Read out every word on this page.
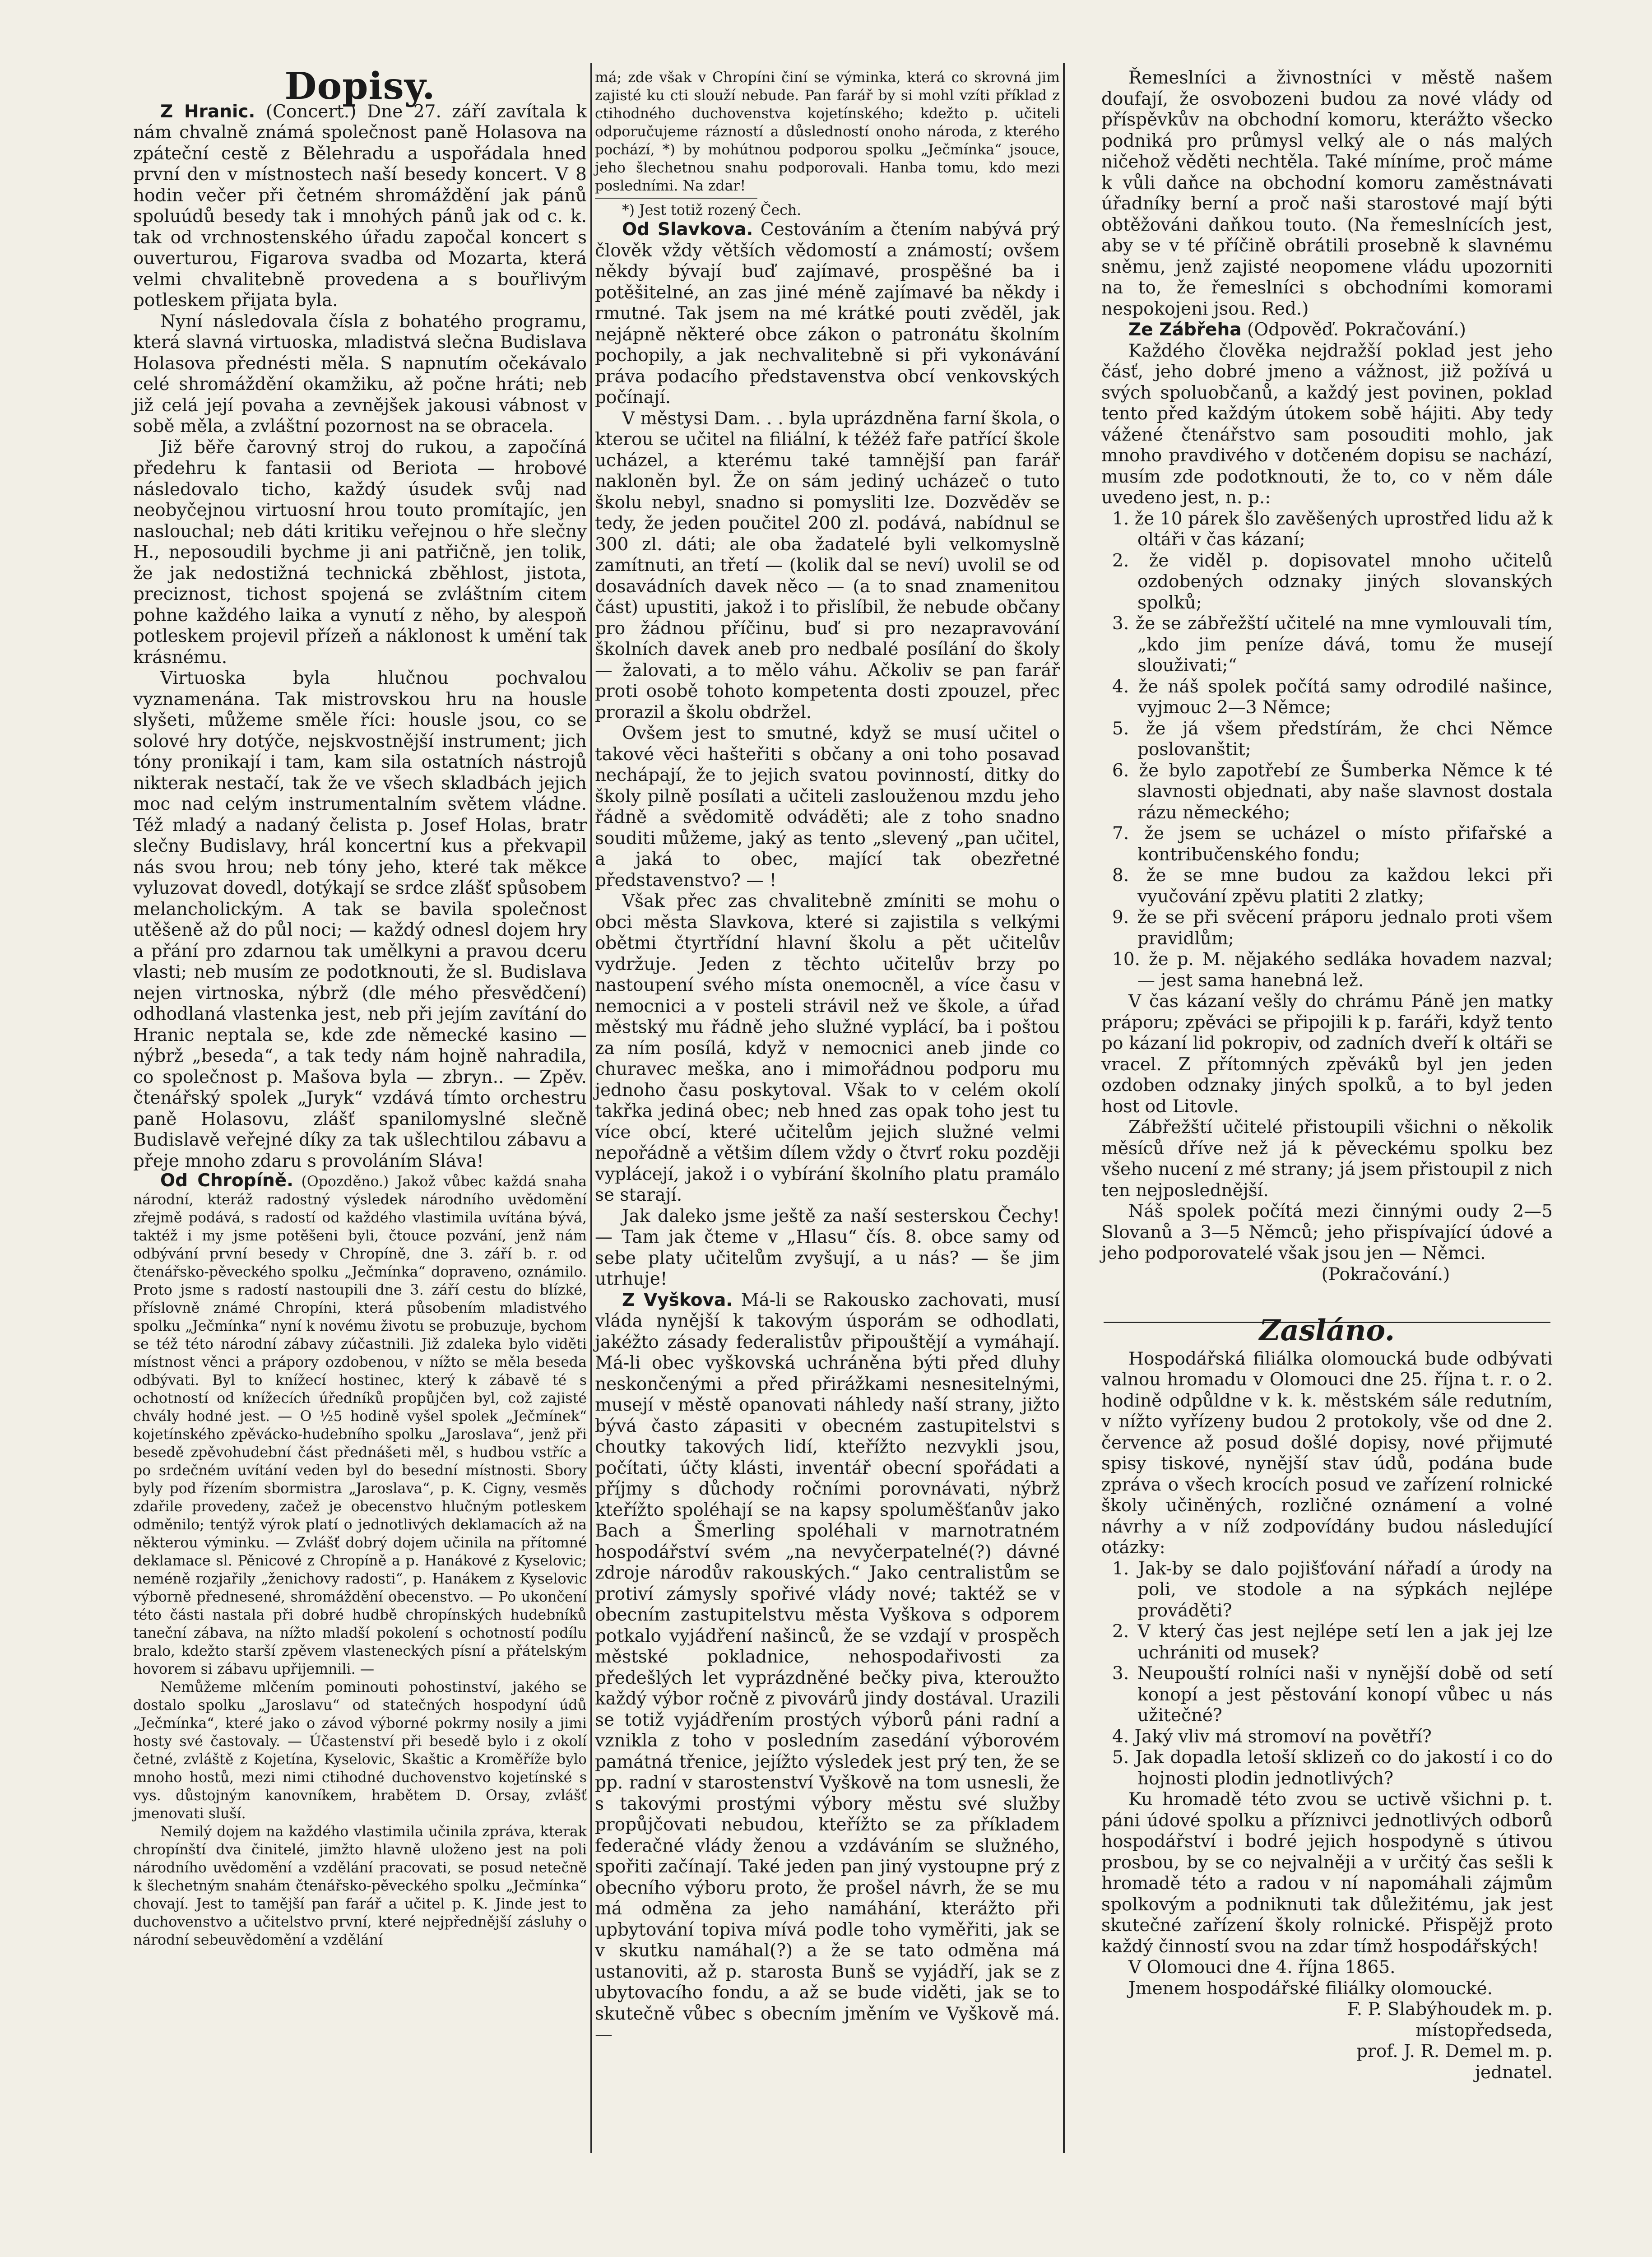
Dopisy.

Z Hranic. (Concert.) Dne 27. září zavítala k nám chvalně známá společnost paně Holasova na zpáteční cestě z Bělehradu a uspořádala hned první den v místnostech naší besedy koncert. V 8 hodin večer při četném shromáždění jak pánů spoluúdů besedy tak i mnohých pánů jak od c. k. tak od vrchnostenského úřadu započal koncert s ouverturou, Figarova svadba od Mozarta, která velmi chvalitebně provedena a s bouřlivým potleskem přijata byla.

Nyní následovala čísla z bohatého programu, která slavná virtuoska, mladistvá slečna Budislava Holasova přednésti měla. S napnutím očekávalo celé shromáždění okamžiku, až počne hráti; neb již celá její povaha a zevnějšek jakousi vábnost v sobě měla, a zvláštní pozornost na se obracela.

Již běře čarovný stroj do rukou, a započíná předehru k fantasii od Beriota — hrobové následovalo ticho, každý úsudek svůj nad neobyčejnou virtuosní hrou touto promítajíc, jen naslouchal; neb dáti kritiku veřejnou o hře slečny H., neposoudili bychme ji ani patřičně, jen tolik, že jak nedostižná technická zběhlost, jistota, preciznost, tichost spojená se zvláštním citem pohne každého laika a vynutí z něho, by alespoň potleskem projevil přízeň a náklonost k umění tak krásnému.

Virtuoska byla hlučnou pochvalou vyznamenána. Tak mistrovskou hru na housle slyšeti, můžeme směle říci: housle jsou, co se solové hry dotýče, nejskvostnější instrument; jich tóny pronikají i tam, kam sila ostatních nástrojů nikterak nestačí, tak že ve všech skladbách jejich moc nad celým instrumentalním světem vládne. Též mladý a nadaný čelista p. Josef Holas, bratr slečny Budislavy, hrál koncertní kus a překvapil nás svou hrou; neb tóny jeho, které tak měkce vyluzovat dovedl, dotýkají se srdce zlášť spůsobem melancholickým. A tak se bavila společnost utěšeně až do půl noci; — každý odnesl dojem hry a přání pro zdarnou tak umělkyni a pravou dceru vlasti; neb musím ze podotknouti, že sl. Budislava nejen virtnoska, nýbrž (dle mého přesvědčení) odhodlaná vlastenka jest, neb při jejím zavítání do Hranic neptala se, kde zde německé kasino — nýbrž „beseda“, a tak tedy nám hojně nahradila, co společnost p. Mašova byla — zbryn.. — Zpěv. čtenářský spolek „Juryk“ vzdává tímto orchestru paně Holasovu, zlášť spanilomyslné slečně Budislavě veřejné díky za tak ušlechtilou zábavu a přeje mnoho zdaru s provoláním Sláva!

Od Chropíně. (Opozděno.) Jakož vůbec každá snaha národní, kteráž radostný výsledek národního uvědomění zřejmě podává, s radostí od každého vlastimila uvítána bývá, taktéž i my jsme potěšeni byli, čtouce pozvání, jenž nám odbývání první besedy v Chropíně, dne 3. září b. r. od čtenářsko-pěveckého spolku „Ječmínka“ dopraveno, oznámilo. Proto jsme s radostí nastoupili dne 3. září cestu do blízké, příslovně známé Chropíni, která působením mladistvého spolku „Ječmínka“ nyní k novému životu se probuzuje, bychom se též této národní zábavy zúčastnili. Již zdaleka bylo viděti místnost věnci a prápory ozdobenou, v nížto se měla beseda odbývati. Byl to knížecí hostinec, který k zábavě té s ochotností od knížecích úředníků propůjčen byl, což zajisté chvály hodné jest. — O ½5 hodině vyšel spolek „Ječmínek“ kojetínského zpěvácko-hudebního spolku „Jaroslava“, jenž při besedě zpěvohudební část přednášeti měl, s hudbou vstříc a po srdečném uvítání veden byl do besední místnosti. Sbory byly pod řízením sbormistra „Jaroslava“, p. K. Cigny, vesměs zdařile provedeny, začež je obecenstvo hlučným potleskem odměnilo; tentýž výrok platí o jednotlivých deklamacích až na některou výminku. — Zvlášť dobrý dojem učinila na přítomné deklamace sl. Pěnicové z Chropíně a p. Hanákové z Kyselovic; neméně rozjařily „ženichovy radosti“, p. Hanákem z Kyselovic výborně přednesené, shromáždění obecenstvo. — Po ukončení této části nastala při dobré hudbě chropínských hudebníků taneční zábava, na nížto mladší pokolení s ochotností podílu bralo, kdežto starší zpěvem vlasteneckých písní a přátelským hovorem si zábavu upřijemnili. —

Nemůžeme mlčením pominouti pohostinství, jakého se dostalo spolku „Jaroslavu“ od statečných hospodyní údů „Ječmínka“, které jako o závod výborné pokrmy nosily a jimi hosty své častovaly. — Účastenství při besedě bylo i z okolí četné, zvláště z Kojetína, Kyselovic, Skaštic a Kroměříže bylo mnoho hostů, mezi nimi ctihodné duchovenstvo kojetínské s vys. důstojným kanovníkem, hrabětem D. Orsay, zvlášť jmenovati sluší.

Nemilý dojem na každého vlastimila učinila zpráva, kterak chropínští dva činitelé, jimžto hlavně uloženo jest na poli národního uvědomění a vzdělání pracovati, se posud netečně k šlechetným snahám čtenářsko-pěveckého spolku „Ječmínka“ chovají. Jest to tamější pan farář a učitel p. K. Jinde jest to duchovenstvo a učitelstvo první, které nejpřednější zásluhy o národní sebeuvědomění a vzdělání

má; zde však v Chropíni činí se výminka, která co skrovná jim zajisté ku cti slouží nebude. Pan farář by si mohl vzíti příklad z ctihodného duchovenstva kojetínského; kdežto p. učiteli odporučujeme rázností a důsledností onoho národa, z kterého pochází, *) by mohútnou podporou spolku „Ječmínka“ jsouce, jeho šlechetnou snahu podporovali. Hanba tomu, kdo mezi posledními. Na zdar!

*) Jest totiž rozený Čech.

Od Slavkova. Cestováním a čtením nabývá prý člověk vždy větších vědomostí a známostí; ovšem někdy bývají buď zajímavé, prospěšné ba i potěšitelné, an zas jiné méně zajímavé ba někdy i rmutné. Tak jsem na mé krátké pouti zvěděl, jak nejápně některé obce zákon o patronátu školním pochopily, a jak nechvalitebně si při vykonávání práva podacího představenstva obcí venkovských počínají.

V městysi Dam. . . byla uprázdněna farní škola, o kterou se učitel na filiální, k téžéž faře patřící škole ucházel, a kterému také tamnější pan farář nakloněn byl. Že on sám jediný ucházeč o tuto školu nebyl, snadno si pomysliti lze. Dozvěděv se tedy, že jeden poučitel 200 zl. podává, nabídnul se 300 zl. dáti; ale oba žadatelé byli velkomyslně zamítnuti, an třetí — (kolik dal se neví) uvolil se od dosavádních davek něco — (a to snad znamenitou část) upustiti, jakož i to přislíbil, že nebude občany pro žádnou příčinu, buď si pro nezapravování školních davek aneb pro nedbalé posílání do školy — žalovati, a to mělo váhu. Ačkoliv se pan farář proti osobě tohoto kompetenta dosti zpouzel, přec prorazil a školu obdržel.

Ovšem jest to smutné, když se musí učitel o takové věci hašteřiti s občany a oni toho posavad nechápají, že to jejich svatou povinností, ditky do školy pilně posílati a učiteli zaslouženou mzdu jeho řádně a svědomitě odváděti; ale z toho snadno souditi můžeme, jaký as tento „slevený „pan učitel, a jaká to obec, mající tak obezřetné představenstvo? — !

Však přec zas chvalitebně zmíniti se mohu o obci města Slavkova, které si zajistila s velkými obětmi čtyrtřídní hlavní školu a pět učitelův vydržuje. Jeden z těchto učitelův brzy po nastoupení svého místa onemocněl, a více času v nemocnici a v posteli strávil než ve škole, a úřad městský mu řádně jeho služné vyplácí, ba i poštou za ním posílá, když v nemocnici aneb jinde co churavec meška, ano i mimořádnou podporu mu jednoho času poskytoval. Však to v celém okolí takřka jediná obec; neb hned zas opak toho jest tu více obcí, které učitelům jejich služné velmi nepořádně a většim dílem vždy o čtvrť roku později vyplácejí, jakož i o vybírání školního platu pramálo se starají.

Jak daleko jsme ještě za naší sesterskou Čechy! — Tam jak čteme v „Hlasu“ čís. 8. obce samy od sebe platy učitelům zvyšují, a u nás? — še jim utrhuje!

Z Vyškova. Má-li se Rakousko zachovati, musí vláda nynější k takovým úsporám se odhodlati, jakéžto zásady federalistův připouštějí a vymáhají. Má-li obec vyškovská uchráněna býti před dluhy neskončenými a před přirážkami nesnesitelnými, musejí v městě opanovati náhledy naší strany, jižto bývá často zápasiti v obecném zastupitelstvi s choutky takových lidí, kteřížto nezvykli jsou, počítati, účty klásti, inventář obecní spořádati a příjmy s důchody ročními porovnávati, nýbrž kteřížto spoléhají se na kapsy spoluměšťanův jako Bach a Šmerling spoléhali v marnotratném hospodářství svém „na nevyčerpatelné(?) dávné zdroje národův rakouských.“ Jako centralistům se protiví zámysly spořivé vlády nové; taktéž se v obecním zastupitelstvu města Vyškova s odporem potkalo vyjádření našinců, že se vzdají v prospěch městské pokladnice, nehospodařivosti za předešlých let vyprázdněné bečky piva, kteroužto každý výbor ročně z pivovárů jindy dostával. Urazili se totiž vyjádřením prostých výborů páni radní a vznikla z toho v posledním zasedání výborovém památná třenice, jejížto výsledek jest prý ten, že se pp. radní v starostenství Vyškově na tom usnesli, že s takovými prostými výbory městu své služby propůjčovati nebudou, kteřížto se za příkladem federačné vlády ženou a vzdáváním se služného, spořiti začínají. Také jeden pan jiný vystoupne prý z obecního výboru proto, že prošel návrh, že se mu má odměna za jeho namáhání, kterážto při upbytování topiva mívá podle toho vyměřiti, jak se v skutku namáhal(?) a že se tato odměna má ustanoviti, až p. starosta Bunš se vyjádří, jak se z ubytovacího fondu, a až se bude viděti, jak se to skutečně vůbec s obecním jměním ve Vyškově má. —

Řemeslníci a živnostníci v městě našem doufají, že osvobozeni budou za nové vlády od příspěvkův na obchodní komoru, kterážto všecko podniká pro průmysl velký ale o nás malých ničehož věděti nechtěla. Také míníme, proč máme k vůli daňce na obchodní komoru zaměstnávati úřadníky berní a proč naši starostové mají býti obtěžováni daňkou touto. (Na řemeslnících jest, aby se v té příčině obrátili prosebně k slavnému sněmu, jenž zajisté neopomene vládu upozorniti na to, že řemeslníci s obchodními komorami nespokojeni jsou. Red.)

Ze Zábřeha (Odpověď. Pokračování.)

Každého člověka nejdražší poklad jest jeho čásť, jeho dobré jmeno a vážnost, již požívá u svých spoluobčanů, a každý jest povinen, poklad tento před každým útokem sobě hájiti. Aby tedy vážené čtenářstvo sam posouditi mohlo, jak mnoho pravdivého v dotčeném dopisu se nachází, musím zde podotknouti, že to, co v něm dále uvedeno jest, n. p.:

1. že 10 párek šlo zavěšených uprostřed lidu až k oltáři v čas kázaní;

2. že viděl p. dopisovatel mnoho učitelů ozdobených odznaky jiných slovanských spolků;

3. že se zábřežští učitelé na mne vymlouvali tím, „kdo jim peníze dává, tomu že musejí slouživati;“

4. že náš spolek počítá samy odrodilé našince, vyjmouc 2—3 Němce;

5. že já všem předstírám, že chci Němce poslovanštit;

6. že bylo zapotřebí ze Šumberka Němce k té slavnosti objednati, aby naše slavnost dostala rázu německého;

7. že jsem se ucházel o místo přifařské a kontribučenského fondu;

8. že se mne budou za každou lekci při vyučování zpěvu platiti 2 zlatky;

9. že se při svěcení práporu jednalo proti všem pravidlům;

10. že p. M. nějakého sedláka hovadem nazval; — jest sama hanebná lež.

V čas kázaní vešly do chrámu Páně jen matky práporu; zpěváci se připojili k p. faráři, když tento po kázaní lid pokropiv, od zadních dveří k oltáři se vracel. Z přítomných zpěváků byl jen jeden ozdoben odznaky jiných spolků, a to byl jeden host od Litovle.

Zábřežští učitelé přistoupili všichni o několik měsíců dříve než já k pěveckému spolku bez všeho nucení z mé strany; já jsem přistoupil z nich ten nejposlednější.

Náš spolek počítá mezi činnými oudy 2—5 Slovanů a 3—5 Němců; jeho přispívající údové a jeho podporovatelé však jsou jen — Němci.

(Pokračování.)

Zasláno.

Hospodářská filiálka olomoucká bude odbývati valnou hromadu v Olomouci dne 25. října t. r. o 2. hodině odpůldne v k. k. městském sále redutním, v nížto vyřízeny budou 2 protokoly, vše od dne 2. července až posud došlé dopisy, nové přijmuté spisy tiskové, nynější stav údů, podána bude zpráva o všech krocích posud ve zařízení rolnické školy učiněných, rozličné oznámení a volné návrhy a v níž zodpovídány budou následující otázky:

1. Jak-by se dalo pojišťování nářadí a úrody na poli, ve stodole a na sýpkách nejlépe prováděti?

2. V který čas jest nejlépe setí len a jak jej lze uchrániti od musek?

3. Neupouští rolníci naši v nynější době od setí konopí a jest pěstování konopí vůbec u nás užitečné?

4. Jaký vliv má stromoví na povětří?

5. Jak dopadla letoší sklizeň co do jakostí i co do hojnosti plodin jednotlivých?

Ku hromadě této zvou se uctivě všichni p. t. páni údové spolku a příznivci jednotlivých odborů hospodářství i bodré jejich hospodyně s útivou prosbou, by se co nejvalněji a v určitý čas sešli k hromadě této a radou v ní napomáhali zájmům spolkovým a podniknuti tak důležitému, jak jest skutečné zařízení školy rolnické. Přispějž proto každý činností svou na zdar tímž hospodářských!

V Olomouci dne 4. října 1865.

Jmenem hospodářské filiálky olomoucké.

F. P. Slabýhoudek m. p.

místopředseda,

prof. J. R. Demel m. p.

jednatel.
